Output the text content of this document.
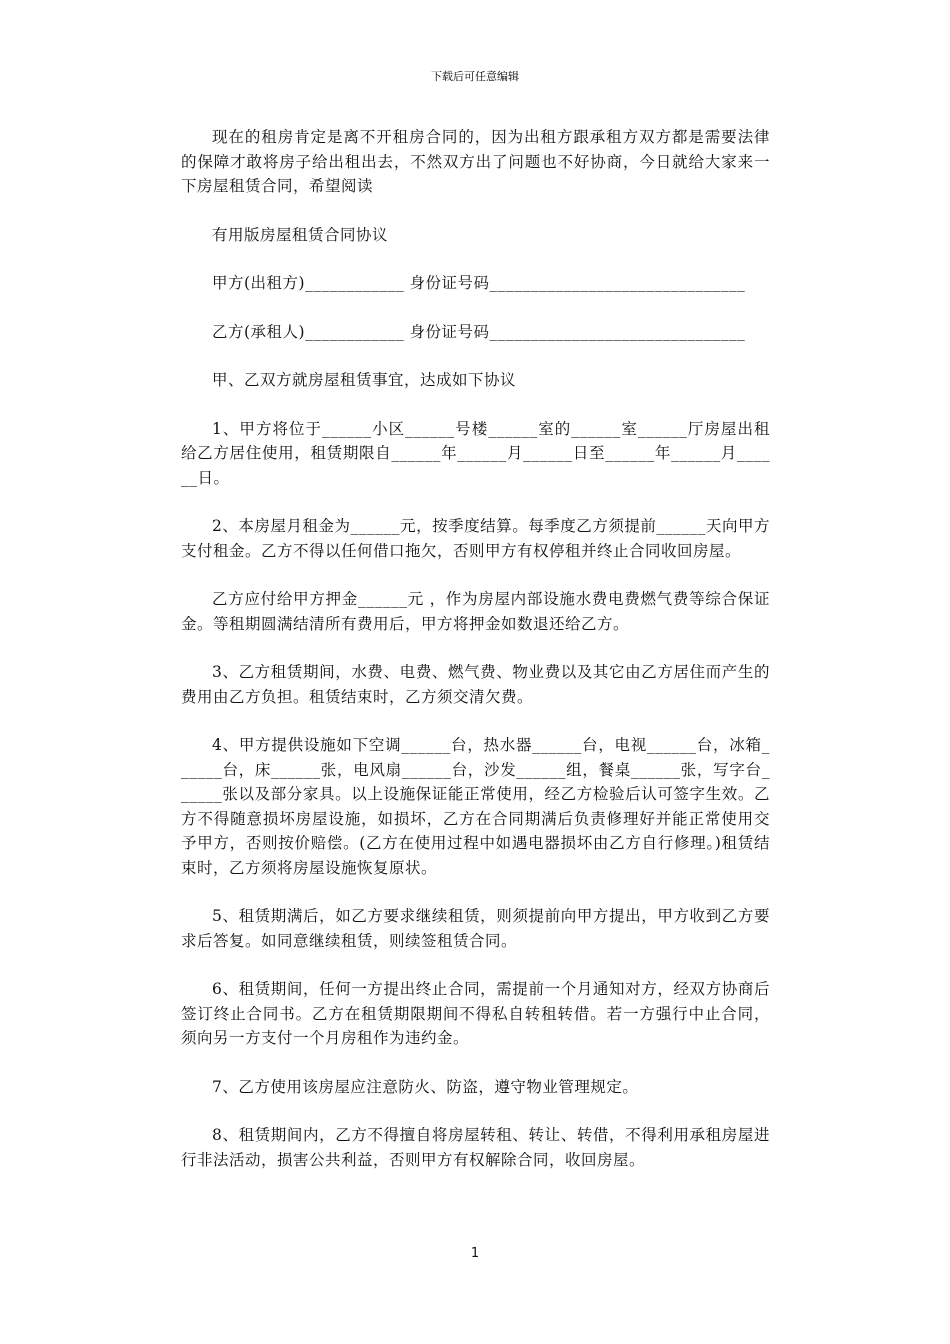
下载后可任意编辑

现在的租房肯定是离不开租房合同的，因为出租方跟承租方双方都是需要法律的保障才敢将房子给出租出去，不然双方出了问题也不好协商，今日就给大家来一下房屋租赁合同，希望阅读

有用版房屋租赁合同协议

甲方(出租方)____________ 身份证号码_______________________________

乙方(承租人)____________ 身份证号码_______________________________

甲、乙双方就房屋租赁事宜，达成如下协议

1、甲方将位于______小区______号楼______室的______室______厅房屋出租给乙方居住使用，租赁期限自______年______月______日至______年______月______日。

2、本房屋月租金为______元，按季度结算。每季度乙方须提前______天向甲方支付租金。乙方不得以任何借口拖欠，否则甲方有权停租并终止合同收回房屋。

乙方应付给甲方押金______元 ，作为房屋内部设施水费电费燃气费等综合保证金。等租期圆满结清所有费用后，甲方将押金如数退还给乙方。

3、乙方租赁期间，水费、电费、燃气费、物业费以及其它由乙方居住而产生的费用由乙方负担。租赁结束时，乙方须交清欠费。

4、甲方提供设施如下空调______台，热水器______台，电视______台，冰箱______台，床______张，电风扇______台，沙发______组，餐桌______张，写字台______张以及部分家具。以上设施保证能正常使用，经乙方检验后认可签字生效。乙方不得随意损坏房屋设施，如损坏，乙方在合同期满后负责修理好并能正常使用交予甲方，否则按价赔偿。(乙方在使用过程中如遇电器损坏由乙方自行修理。)租赁结束时，乙方须将房屋设施恢复原状。

5、租赁期满后，如乙方要求继续租赁，则须提前向甲方提出，甲方收到乙方要求后答复。如同意继续租赁，则续签租赁合同。

6、租赁期间，任何一方提出终止合同，需提前一个月通知对方，经双方协商后签订终止合同书。乙方在租赁期限期间不得私自转租转借。若一方强行中止合同，须向另一方支付一个月房租作为违约金。

7、乙方使用该房屋应注意防火、防盗，遵守物业管理规定。

8、租赁期间内，乙方不得擅自将房屋转租、转让、转借，不得利用承租房屋进行非法活动，损害公共利益，否则甲方有权解除合同，收回房屋。

1
